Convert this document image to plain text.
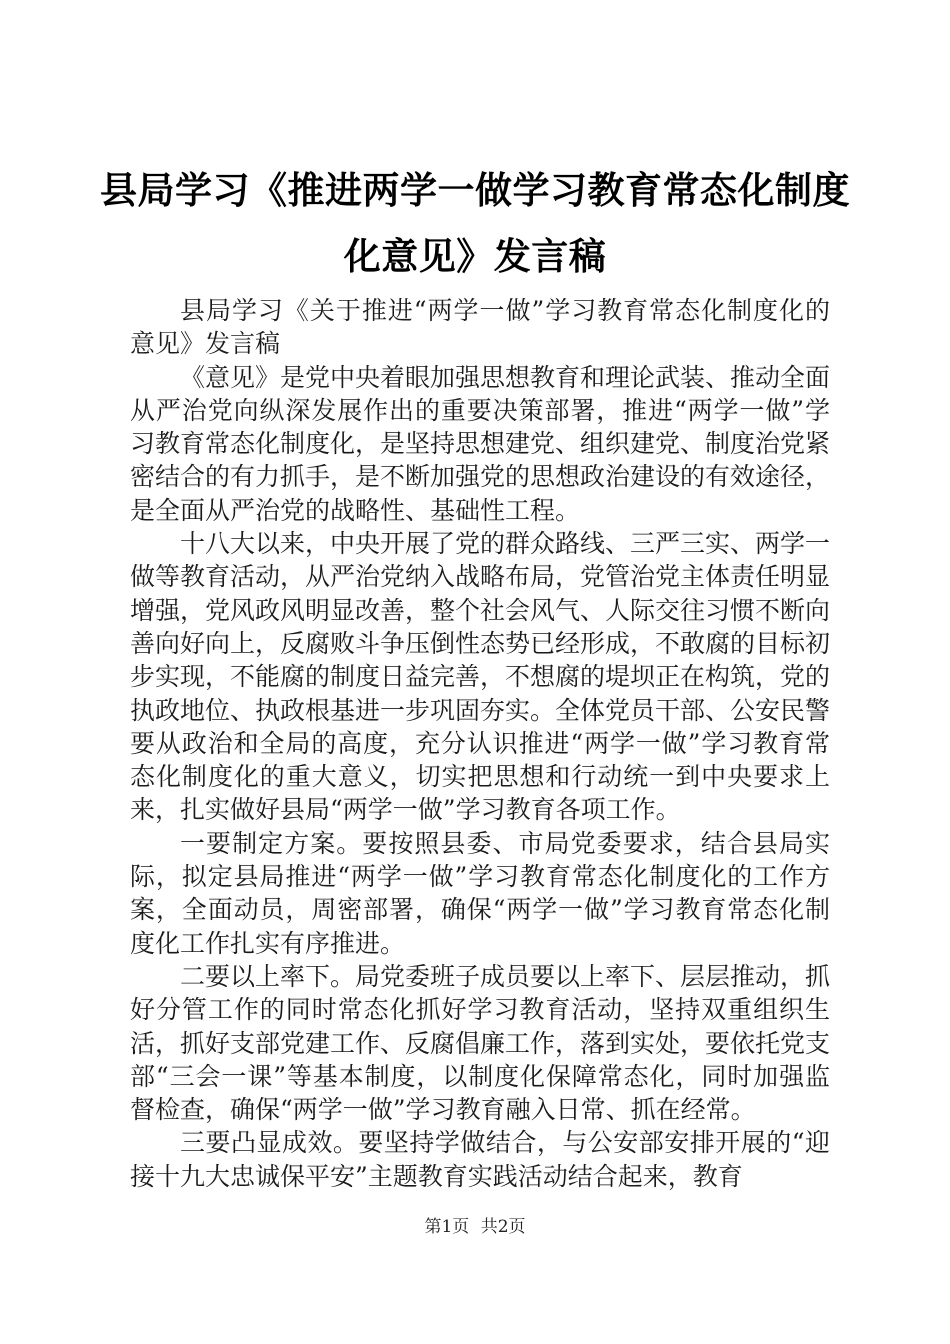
县局学习《推进两学一做学习教育常态化制度
化意见》发言稿

县局学习《关于推进“两学一做”学习教育常态化制度化的意见》发言稿

《意见》是党中央着眼加强思想教育和理论武装、推动全面从严治党向纵深发展作出的重要决策部署，推进“两学一做”学习教育常态化制度化，是坚持思想建党、组织建党、制度治党紧密结合的有力抓手，是不断加强党的思想政治建设的有效途径，是全面从严治党的战略性、基础性工程。

十八大以来，中央开展了党的群众路线、三严三实、两学一做等教育活动，从严治党纳入战略布局，党管治党主体责任明显增强，党风政风明显改善，整个社会风气、人际交往习惯不断向善向好向上，反腐败斗争压倒性态势已经形成，不敢腐的目标初步实现，不能腐的制度日益完善，不想腐的堤坝正在构筑，党的执政地位、执政根基进一步巩固夯实。全体党员干部、公安民警要从政治和全局的高度，充分认识推进“两学一做”学习教育常态化制度化的重大意义，切实把思想和行动统一到中央要求上来，扎实做好县局“两学一做”学习教育各项工作。

一要制定方案。要按照县委、市局党委要求，结合县局实际，拟定县局推进“两学一做”学习教育常态化制度化的工作方案，全面动员，周密部署，确保“两学一做”学习教育常态化制度化工作扎实有序推进。

二要以上率下。局党委班子成员要以上率下、层层推动，抓好分管工作的同时常态化抓好学习教育活动，坚持双重组织生活，抓好支部党建工作、反腐倡廉工作，落到实处，要依托党支部“三会一课”等基本制度，以制度化保障常态化，同时加强监督检查，确保“两学一做”学习教育融入日常、抓在经常。

三要凸显成效。要坚持学做结合，与公安部安排开展的“迎接十九大忠诚保平安”主题教育实践活动结合起来，教育

第1页 共2页
